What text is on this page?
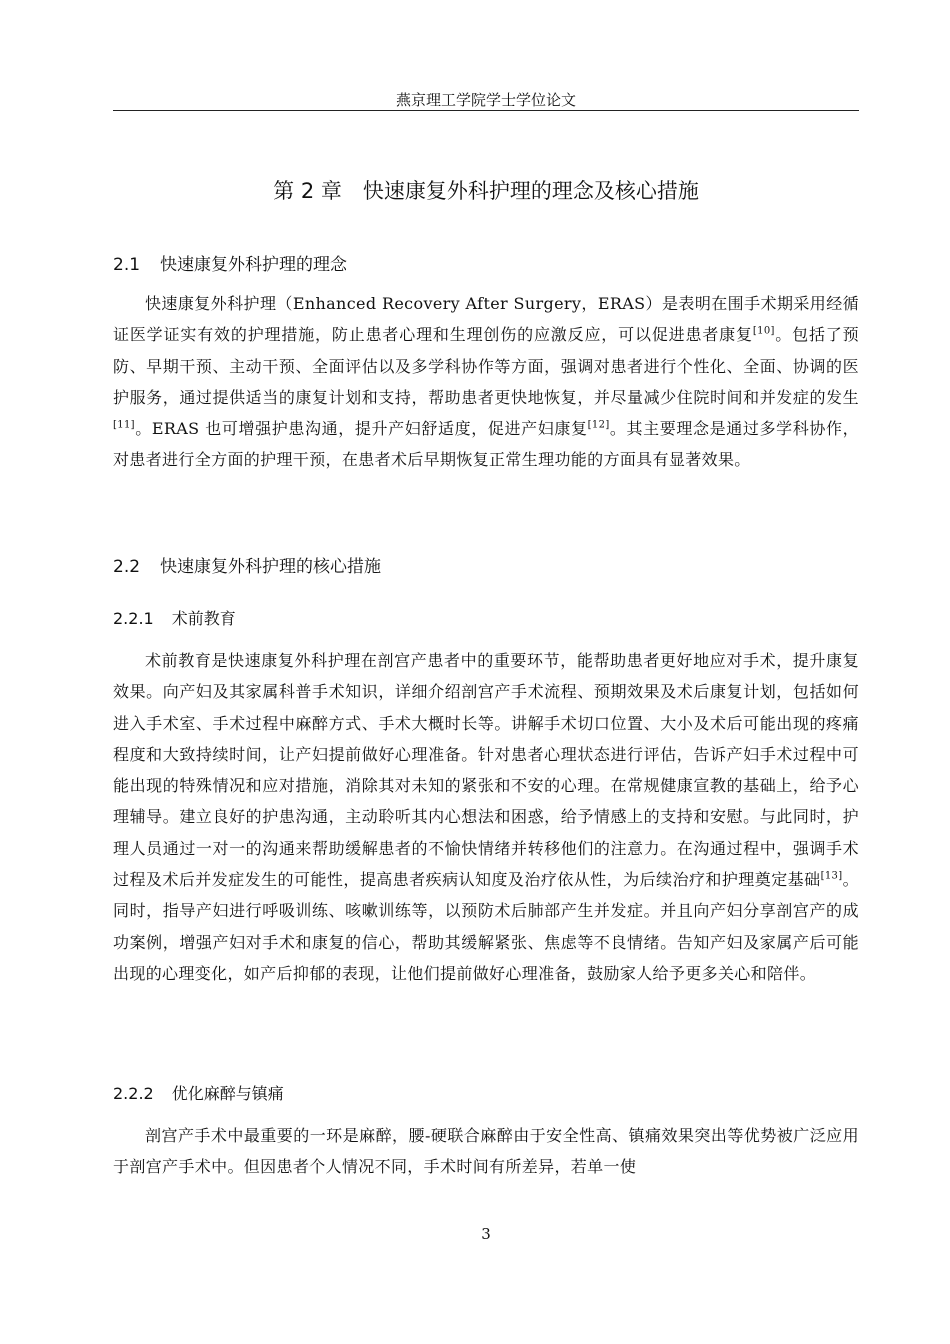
燕京理工学院学士学位论文
第 2 章　快速康复外科护理的理念及核心措施
2.1 快速康复外科护理的理念

快速康复外科护理（Enhanced Recovery After Surgery，ERAS）是表明在围手术期采用经循证医学证实有效的护理措施，防止患者心理和生理创伤的应激反应，可以促进患者康复[10]。包括了预防、早期干预、主动干预、全面评估以及多学科协作等方面，强调对患者进行个性化、全面、协调的医护服务，通过提供适当的康复计划和支持，帮助患者更快地恢复，并尽量减少住院时间和并发症的发生[11]。ERAS 也可增强护患沟通，提升产妇舒适度，促进产妇康复[12]。其主要理念是通过多学科协作，对患者进行全方面的护理干预，在患者术后早期恢复正常生理功能的方面具有显著效果。

2.2 快速康复外科护理的核心措施
2.2.1 术前教育

术前教育是快速康复外科护理在剖宫产患者中的重要环节，能帮助患者更好地应对手术，提升康复效果。向产妇及其家属科普手术知识，详细介绍剖宫产手术流程、预期效果及术后康复计划，包括如何进入手术室、手术过程中麻醉方式、手术大概时长等。讲解手术切口位置、大小及术后可能出现的疼痛程度和大致持续时间，让产妇提前做好心理准备。针对患者心理状态进行评估，告诉产妇手术过程中可能出现的特殊情况和应对措施，消除其对未知的紧张和不安的心理。在常规健康宣教的基础上，给予心理辅导。建立良好的护患沟通，主动聆听其内心想法和困惑，给予情感上的支持和安慰。与此同时，护理人员通过一对一的沟通来帮助缓解患者的不愉快情绪并转移他们的注意力。在沟通过程中，强调手术过程及术后并发症发生的可能性，提高患者疾病认知度及治疗依从性，为后续治疗和护理奠定基础[13]。同时，指导产妇进行呼吸训练、咳嗽训练等，以预防术后肺部产生并发症。并且向产妇分享剖宫产的成功案例，增强产妇对手术和康复的信心，帮助其缓解紧张、焦虑等不良情绪。告知产妇及家属产后可能出现的心理变化，如产后抑郁的表现，让他们提前做好心理准备，鼓励家人给予更多关心和陪伴。

2.2.2 优化麻醉与镇痛

剖宫产手术中最重要的一环是麻醉，腰-硬联合麻醉由于安全性高、镇痛效果突出等优势被广泛应用于剖宫产手术中。但因患者个人情况不同，手术时间有所差异，若单一使

3
